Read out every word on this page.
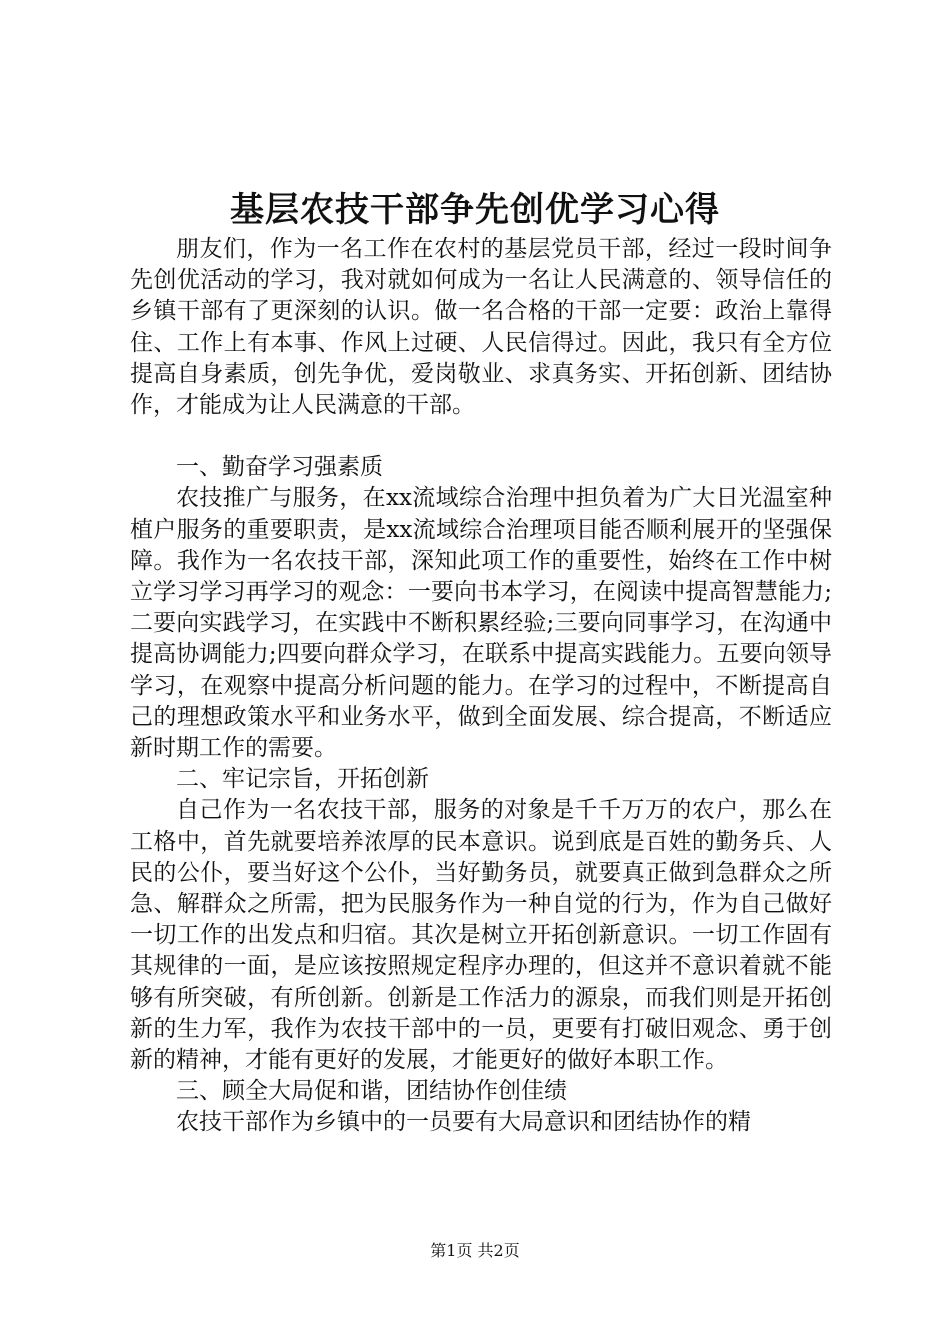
基层农技干部争先创优学习心得

朋友们，作为一名工作在农村的基层党员干部，经过一段时间争先创优活动的学习，我对就如何成为一名让人民满意的、领导信任的乡镇干部有了更深刻的认识。做一名合格的干部一定要：政治上靠得住、工作上有本事、作风上过硬、人民信得过。因此，我只有全方位提高自身素质，创先争优，爱岗敬业、求真务实、开拓创新、团结协作，才能成为让人民满意的干部。

一、勤奋学习强素质

农技推广与服务，在xx流域综合治理中担负着为广大日光温室种植户服务的重要职责，是xx流域综合治理项目能否顺利展开的坚强保障。我作为一名农技干部，深知此项工作的重要性，始终在工作中树立学习学习再学习的观念：一要向书本学习，在阅读中提高智慧能力;二要向实践学习，在实践中不断积累经验;三要向同事学习，在沟通中提高协调能力;四要向群众学习，在联系中提高实践能力。五要向领导学习，在观察中提高分析问题的能力。在学习的过程中，不断提高自己的理想政策水平和业务水平，做到全面发展、综合提高，不断适应新时期工作的需要。

二、牢记宗旨，开拓创新

自己作为一名农技干部，服务的对象是千千万万的农户，那么在工格中，首先就要培养浓厚的民本意识。说到底是百姓的勤务兵、人民的公仆，要当好这个公仆，当好勤务员，就要真正做到急群众之所急、解群众之所需，把为民服务作为一种自觉的行为，作为自己做好一切工作的出发点和归宿。其次是树立开拓创新意识。一切工作固有其规律的一面，是应该按照规定程序办理的，但这并不意识着就不能够有所突破，有所创新。创新是工作活力的源泉，而我们则是开拓创新的生力军，我作为农技干部中的一员，更要有打破旧观念、勇于创新的精神，才能有更好的发展，才能更好的做好本职工作。

三、顾全大局促和谐，团结协作创佳绩

农技干部作为乡镇中的一员要有大局意识和团结协作的精

第1页 共2页
